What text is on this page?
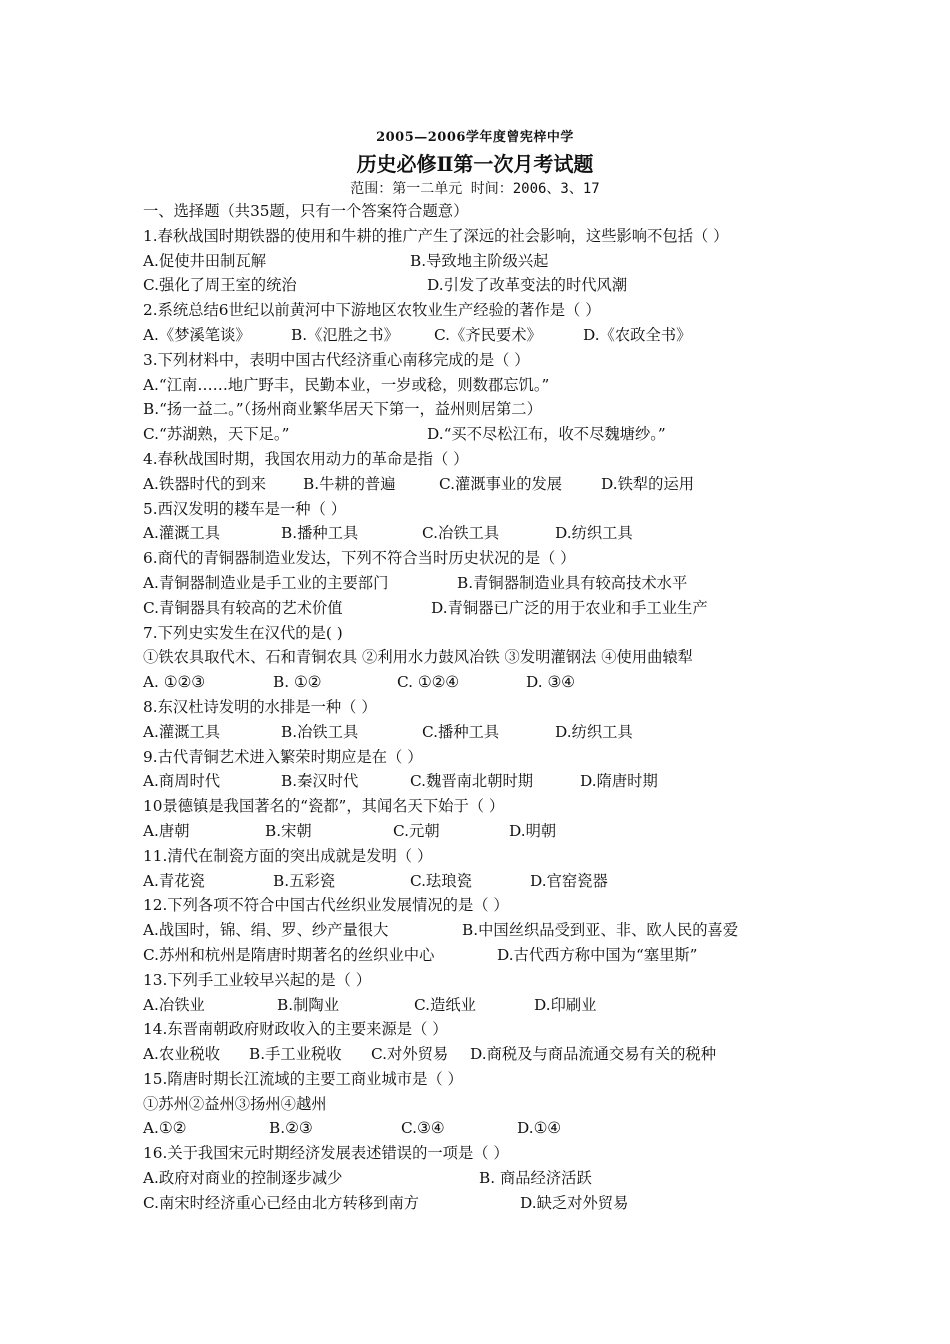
2005—2006学年度曾宪梓中学
历史必修Ⅱ第一次月考试题
范围：第一二单元 时间：2006、3、17
一、选择题（共35题，只有一个答案符合题意）
1.春秋战国时期铁器的使用和牛耕的推广产生了深远的社会影响，这些影响不包括（ ）
A.促使井田制瓦解	B.导致地主阶级兴起
C.强化了周王室的统治	D.引发了改革变法的时代风潮
2.系统总结6世纪以前黄河中下游地区农牧业生产经验的著作是（ ）
A.《梦溪笔谈》	B.《氾胜之书》 C.《齐民要术》	D.《农政全书》
3.下列材料中，表明中国古代经济重心南移完成的是（ ）
A.“江南……地广野丰，民勤本业，一岁或稔，则数郡忘饥。”
B.“扬一益二。”（扬州商业繁华居天下第一，益州则居第二）
C.“苏湖熟，天下足。”	D.“买不尽松江布，收不尽魏塘纱。”
4.春秋战国时期，我国农用动力的革命是指（ ）
A.铁器时代的到来 B.牛耕的普遍	C.灌溉事业的发展	D.铁犁的运用
5.西汉发明的耧车是一种（ ）
A.灌溉工具	B.播种工具	C.冶铁工具	D.纺织工具
6.商代的青铜器制造业发达，下列不符合当时历史状况的是（ ）
A.青铜器制造业是手工业的主要部门	B.青铜器制造业具有较高技术水平
C.青铜器具有较高的艺术价值	D.青铜器已广泛的用于农业和手工业生产
7.下列史实发生在汉代的是( )
①铁农具取代木、石和青铜农具 ②利用水力鼓风冶铁 ③发明灌钢法 ④使用曲辕犁
A. ①②③	B. ①②	C. ①②④	D. ③④
8.东汉杜诗发明的水排是一种（ ）
A.灌溉工具	B.冶铁工具	C.播种工具	D.纺织工具
9.古代青铜艺术进入繁荣时期应是在（ ）
A.商周时代	B.秦汉时代	C.魏晋南北朝时期	D.隋唐时期
10景德镇是我国著名的“瓷都”，其闻名天下始于（ ）
A.唐朝	B.宋朝	C.元朝	D.明朝
11.清代在制瓷方面的突出成就是发明（ ）
A.青花瓷	B.五彩瓷	C.珐琅瓷	D.官窑瓷器
12.下列各项不符合中国古代丝织业发展情况的是（ ）
A.战国时，锦、绢、罗、纱产量很大	B.中国丝织品受到亚、非、欧人民的喜爱
C.苏州和杭州是隋唐时期著名的丝织业中心	D.古代西方称中国为“塞里斯”
13.下列手工业较早兴起的是（ ）
A.冶铁业	B.制陶业	C.造纸业	D.印刷业
14.东晋南朝政府财政收入的主要来源是（ ）
A.农业税收 B.手工业税收 C.对外贸易 D.商税及与商品流通交易有关的税种
15.隋唐时期长江流域的主要工商业城市是（ ）
①苏州②益州③扬州④越州
A.①②	B.②③	C.③④	D.①④
16.关于我国宋元时期经济发展表述错误的一项是（ ）
A.政府对商业的控制逐步减少	B. 商品经济活跃
C.南宋时经济重心已经由北方转移到南方	D.缺乏对外贸易
